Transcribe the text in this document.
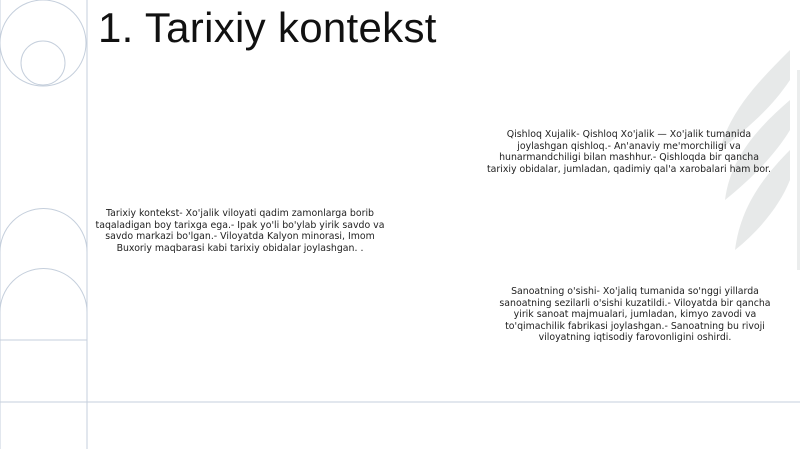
1. Tarixiy kontekst
Tarixiy kontekst- Xo'jalik viloyati qadim zamonlarga borib taqaladigan boy tarixga ega.- Ipak yo'li bo'ylab yirik savdo va savdo markazi bo'lgan.- Viloyatda Kalyon minorasi, Imom Buxoriy maqbarasi kabi tarixiy obidalar joylashgan. .
Qishloq Xujalik- Qishloq Xo'jalik — Xo'jalik tumanida joylashgan qishloq.- An'anaviy me'morchiligi va hunarmandchiligi bilan mashhur.- Qishloqda bir qancha tarixiy obidalar, jumladan, qadimiy qal'a xarobalari ham bor.
Sanoatning o'sishi- Xo'jaliq tumanida so'nggi yillarda sanoatning sezilarli o'sishi kuzatildi.- Viloyatda bir qancha yirik sanoat majmualari, jumladan, kimyo zavodi va to'qimachilik fabrikasi joylashgan.- Sanoatning bu rivoji viloyatning iqtisodiy farovonligini oshirdi.
